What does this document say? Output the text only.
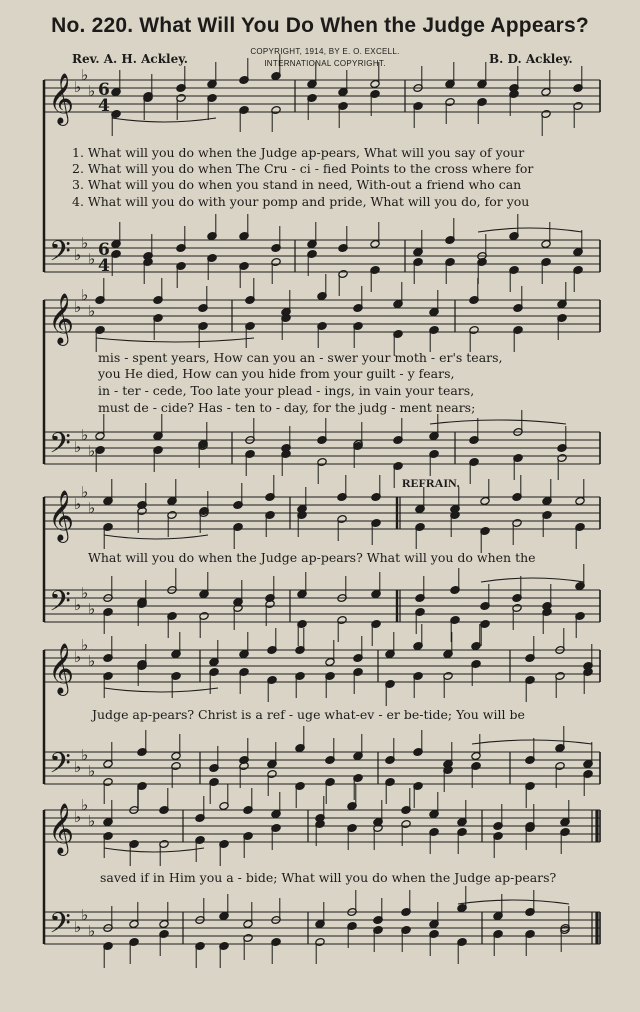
No. 220. What Will You Do When the Judge Appears?
Rev. A. H. Ackley.
COPYRIGHT, 1914, BY E. O. EXCELL.
INTERNATIONAL COPYRIGHT.	B. D. Ackley.
𝄞
𝄢
♭
♭
♭
♭
♭
♭
6
4
6
4
𝄞
𝄢
♭
♭
♭
♭
♭
♭
𝄞
𝄢
♭
♭
♭
♭
♭
♭
𝄞
𝄢
♭
♭
♭
♭
♭
♭
𝄞
𝄢
♭
♭
♭
♭
♭
♭
1. What will you do when the Judge ap-pears, What will you say of your
2. What will you do when The Cru - ci - fied Points to the cross where for
3. What will you do when you stand in need, With-out a friend who can
4. What will you do with your pomp and pride, What will you do, for you
mis - spent years, How can you an - swer your moth - er's tears,
you He died, How can you hide from your guilt - y fears,
in - ter - cede, Too late your plead - ings, in vain your tears,
must de - cide? Has - ten to - day, for the judg - ment nears;
REFRAIN.
What will you do when the Judge ap-pears? What will you do when the
Judge ap-pears? Christ is a ref - uge what-ev - er be-tide; You will be
saved if in Him you a - bide; What will you do when the Judge ap-pears?
